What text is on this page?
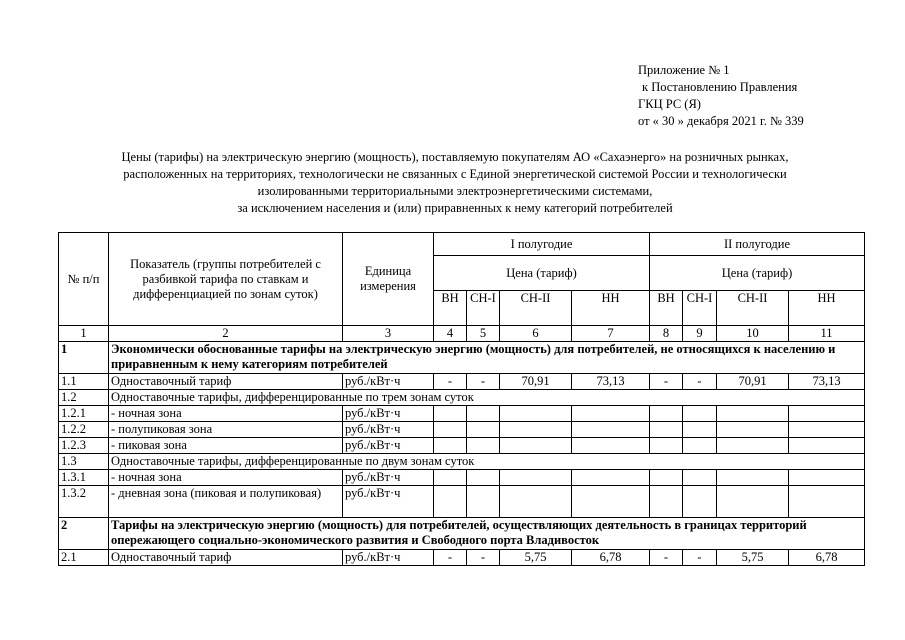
Приложение № 1
к Постановлению Правления
ГКЦ РС (Я)
от « 30 » декабря 2021 г. № 339
Цены (тарифы) на электрическую энергию (мощность), поставляемую покупателям АО «Сахаэнерго» на розничных рынках,
расположенных на территориях, технологически не связанных с Единой энергетической системой России и технологически
изолированными территориальными электроэнергетическими системами,
за исключением населения и (или) приравненных к нему категорий потребителей
№ п/п	Показатель (группы потребителей с разбивкой тарифа по ставкам и дифференциацией по зонам суток)	Единица измерения	I полугодие				II полугодие			
			Цена (тариф)				Цена (тариф)			
			ВН	СН-I	СН-II	НН	ВН	СН-I	СН-II	НН
1	2	3	4	5	6	7	8	9	10	11
1	Экономически обоснованные тарифы на электрическую энергию (мощность) для потребителей, не относящихся к населению и приравненным к нему категориям потребителей									
1.1	Одноставочный тариф	руб./кВт·ч	-	-	70,91	73,13	-	-	70,91	73,13
1.2	Одноставочные тарифы, дифференцированные по трем зонам суток									
1.2.1	- ночная зона	руб./кВт·ч								
1.2.2	- полупиковая зона	руб./кВт·ч								
1.2.3	- пиковая зона	руб./кВт·ч								
1.3	Одноставочные тарифы, дифференцированные по двум зонам суток									
1.3.1	- ночная зона	руб./кВт·ч								
1.3.2	- дневная зона (пиковая и полупиковая)	руб./кВт·ч								
2	Тарифы на электрическую энергию (мощность) для потребителей, осуществляющих деятельность в границах территорий опережающего социально-экономического развития и Свободного порта Владивосток									
2.1	Одноставочный тариф	руб./кВт·ч	-	-	5,75	6,78	-	-	5,75	6,78
